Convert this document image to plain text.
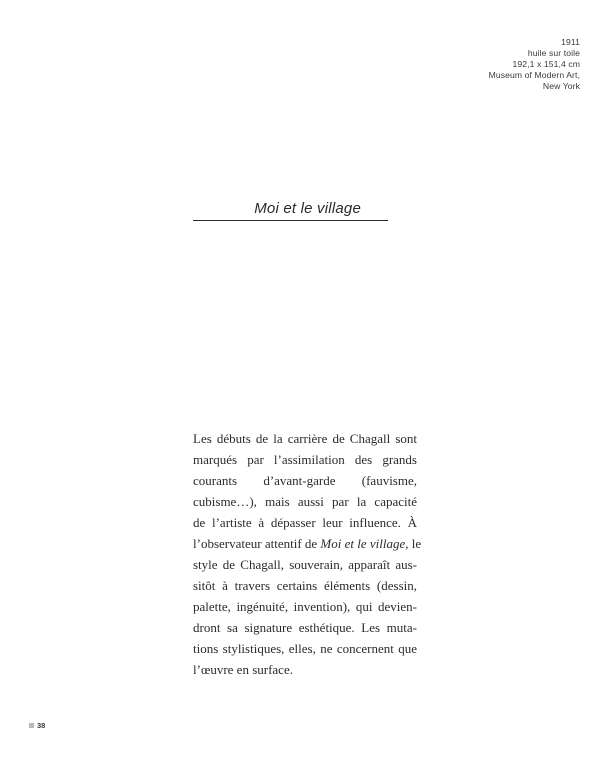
1911
huile sur toile
192,1 x 151,4 cm
Museum of Modern Art,
New York
Moi et le village

Les débuts de la carrière de Chagall sont
marqués par l’assimilation des grands
courants d’avant-garde (fauvisme,
cubisme…), mais aussi par la capacité
de l’artiste à dépasser leur influence. À
l’observateur attentif de Moi et le village, le
style de Chagall, souverain, apparaît aus-
sitôt à travers certains éléments (dessin,
palette, ingénuité, invention), qui devien-
dront sa signature esthétique. Les muta-
tions stylistiques, elles, ne concernent que
l’œuvre en surface.

38
